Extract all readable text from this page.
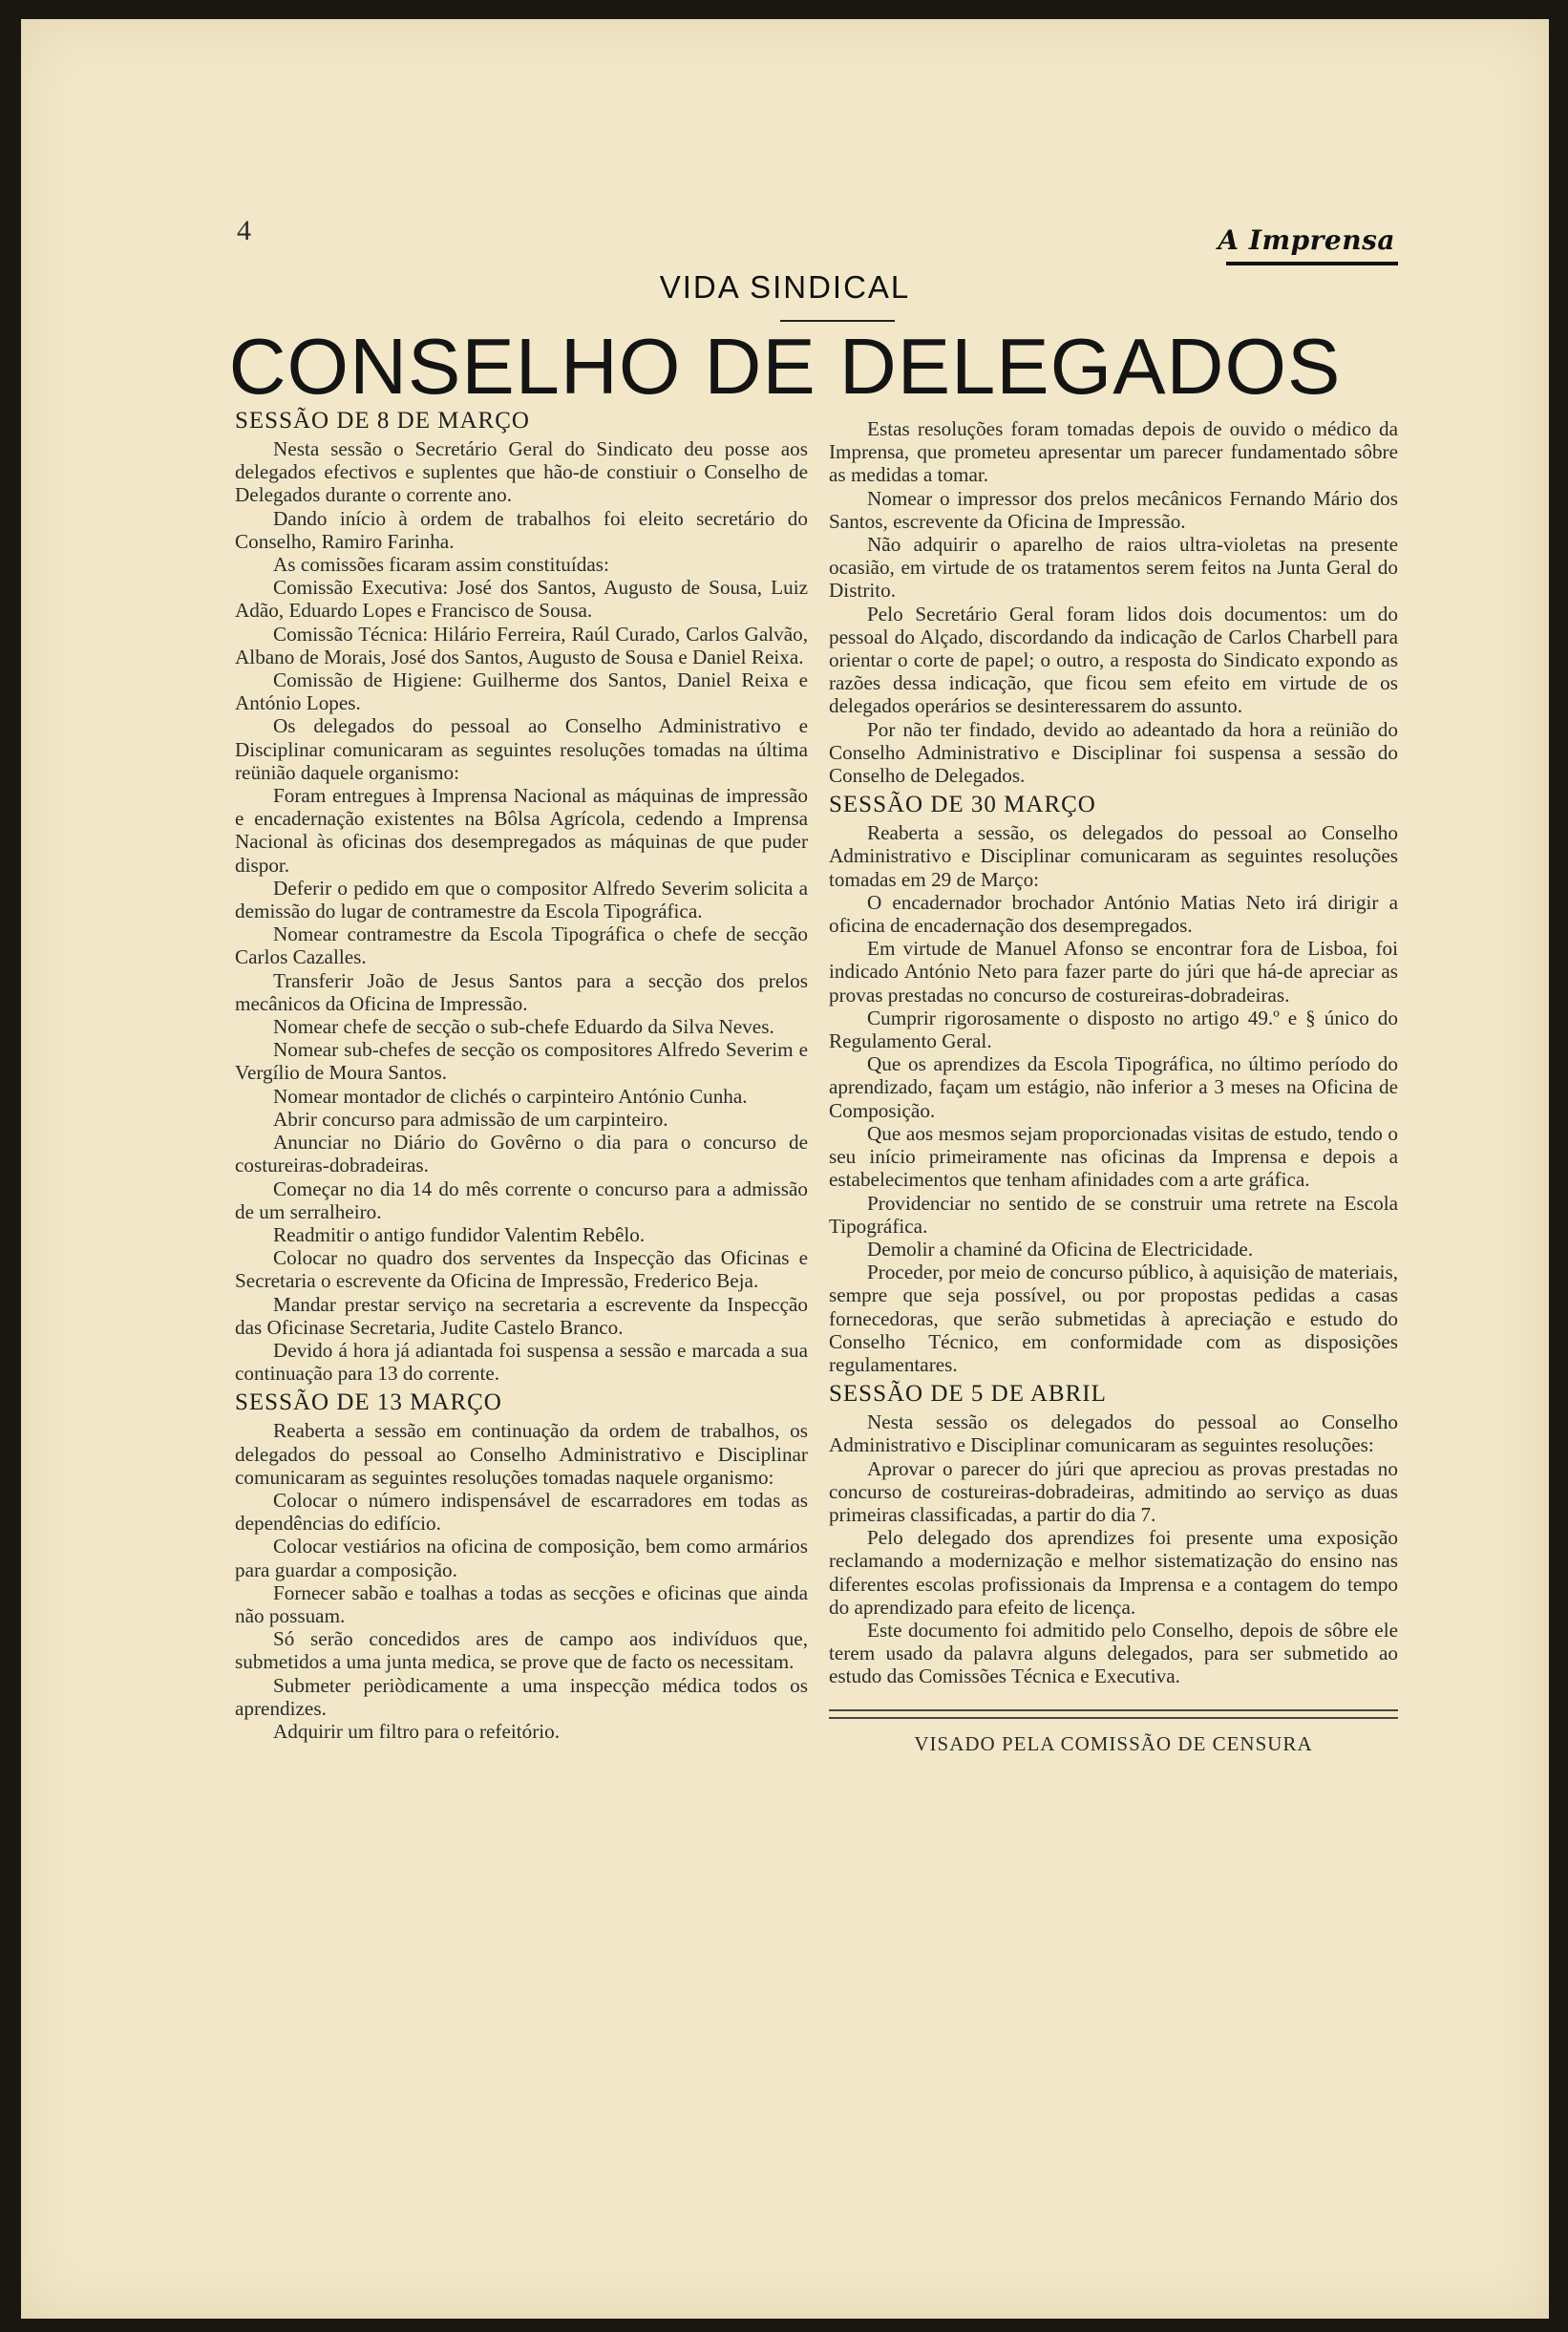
4	A Imprensa
VIDA SINDICAL
CONSELHO DE DELEGADOS
SESSÃO DE 8 DE MARÇO

Nesta sessão o Secretário Geral do Sindicato deu posse aos delegados efectivos e suplentes que hão-de constiuir o Conselho de Delegados durante o corrente ano.

Dando início à ordem de trabalhos foi eleito secretário do Conselho, Ramiro Farinha.

As comissões ficaram assim constituídas:

Comissão Executiva: José dos Santos, Augusto de Sousa, Luiz Adão, Eduardo Lopes e Francisco de Sousa.

Comissão Técnica: Hilário Ferreira, Raúl Curado, Carlos Galvão, Albano de Morais, José dos Santos, Augusto de Sousa e Daniel Reixa.

Comissão de Higiene: Guilherme dos Santos, Daniel Reixa e António Lopes.

Os delegados do pessoal ao Conselho Administrativo e Disciplinar comunicaram as seguintes resoluções tomadas na última reünião daquele organismo:

Foram entregues à Imprensa Nacional as máquinas de impressão e encadernação existentes na Bôlsa Agrícola, cedendo a Imprensa Nacional às oficinas dos desempregados as máquinas de que puder dispor.

Deferir o pedido em que o compositor Alfredo Severim solicita a demissão do lugar de contramestre da Escola Tipográfica.

Nomear contramestre da Escola Tipográfica o chefe de secção Carlos Cazalles.

Transferir João de Jesus Santos para a secção dos prelos mecânicos da Oficina de Impressão.

Nomear chefe de secção o sub-chefe Eduardo da Silva Neves.

Nomear sub-chefes de secção os compositores Alfredo Severim e Vergílio de Moura Santos.

Nomear montador de clichés o carpinteiro António Cunha.

Abrir concurso para admissão de um carpinteiro.

Anunciar no Diário do Govêrno o dia para o concurso de costureiras-dobradeiras.

Começar no dia 14 do mês corrente o concurso para a admissão de um serralheiro.

Readmitir o antigo fundidor Valentim Rebêlo.

Colocar no quadro dos serventes da Inspecção das Oficinas e Secretaria o escrevente da Oficina de Impressão, Frederico Beja.

Mandar prestar serviço na secretaria a escrevente da Inspecção das Oficinase Secretaria, Judite Castelo Branco.

Devido á hora já adiantada foi suspensa a sessão e marcada a sua continuação para 13 do corrente.

SESSÃO DE 13 MARÇO

Reaberta a sessão em continuação da ordem de trabalhos, os delegados do pessoal ao Conselho Administrativo e Disciplinar comunicaram as seguintes resoluções tomadas naquele organismo:

Colocar o número indispensável de escarradores em todas as dependências do edifício.

Colocar vestiários na oficina de composição, bem como armários para guardar a composição.

Fornecer sabão e toalhas a todas as secções e oficinas que ainda não possuam.

Só serão concedidos ares de campo aos indivíduos que, submetidos a uma junta medica, se prove que de facto os necessitam.

Submeter periòdicamente a uma inspecção médica todos os aprendizes.

Adquirir um filtro para o refeitório.

Estas resoluções foram tomadas depois de ouvido o médico da Imprensa, que prometeu apresentar um parecer fundamentado sôbre as medidas a tomar.

Nomear o impressor dos prelos mecânicos Fernando Mário dos Santos, escrevente da Oficina de Impressão.

Não adquirir o aparelho de raios ultra-violetas na presente ocasião, em virtude de os tratamentos serem feitos na Junta Geral do Distrito.

Pelo Secretário Geral foram lidos dois documentos: um do pessoal do Alçado, discordando da indicação de Carlos Charbell para orientar o corte de papel; o outro, a resposta do Sindicato expondo as razões dessa indicação, que ficou sem efeito em virtude de os delegados operários se desinteressarem do assunto.

Por não ter findado, devido ao adeantado da hora a reünião do Conselho Administrativo e Disciplinar foi suspensa a sessão do Conselho de Delegados.

SESSÃO DE 30 MARÇO

Reaberta a sessão, os delegados do pessoal ao Conselho Administrativo e Disciplinar comunicaram as seguintes resoluções tomadas em 29 de Março:

O encadernador brochador António Matias Neto irá dirigir a oficina de encadernação dos desempregados.

Em virtude de Manuel Afonso se encontrar fora de Lisboa, foi indicado António Neto para fazer parte do júri que há-de apreciar as provas prestadas no concurso de costureiras-dobradeiras.

Cumprir rigorosamente o disposto no artigo 49.º e § único do Regulamento Geral.

Que os aprendizes da Escola Tipográfica, no último período do aprendizado, façam um estágio, não inferior a 3 meses na Oficina de Composição.

Que aos mesmos sejam proporcionadas visitas de estudo, tendo o seu início primeiramente nas oficinas da Imprensa e depois a estabelecimentos que tenham afinidades com a arte gráfica.

Providenciar no sentido de se construir uma retrete na Escola Tipográfica.

Demolir a chaminé da Oficina de Electricidade.

Proceder, por meio de concurso público, à aquisição de materiais, sempre que seja possível, ou por propostas pedidas a casas fornecedoras, que serão submetidas à apreciação e estudo do Conselho Técnico, em conformidade com as disposições regulamentares.

SESSÃO DE 5 DE ABRIL

Nesta sessão os delegados do pessoal ao Conselho Administrativo e Disciplinar comunicaram as seguintes resoluções:

Aprovar o parecer do júri que apreciou as provas prestadas no concurso de costureiras-dobradeiras, admitindo ao serviço as duas primeiras classificadas, a partir do dia 7.

Pelo delegado dos aprendizes foi presente uma exposição reclamando a modernização e melhor sistematização do ensino nas diferentes escolas profissionais da Imprensa e a contagem do tempo do aprendizado para efeito de licença.

Este documento foi admitido pelo Conselho, depois de sôbre ele terem usado da palavra alguns delegados, para ser submetido ao estudo das Comissões Técnica e Executiva.

VISADO PELA COMISSÃO DE CENSURA
